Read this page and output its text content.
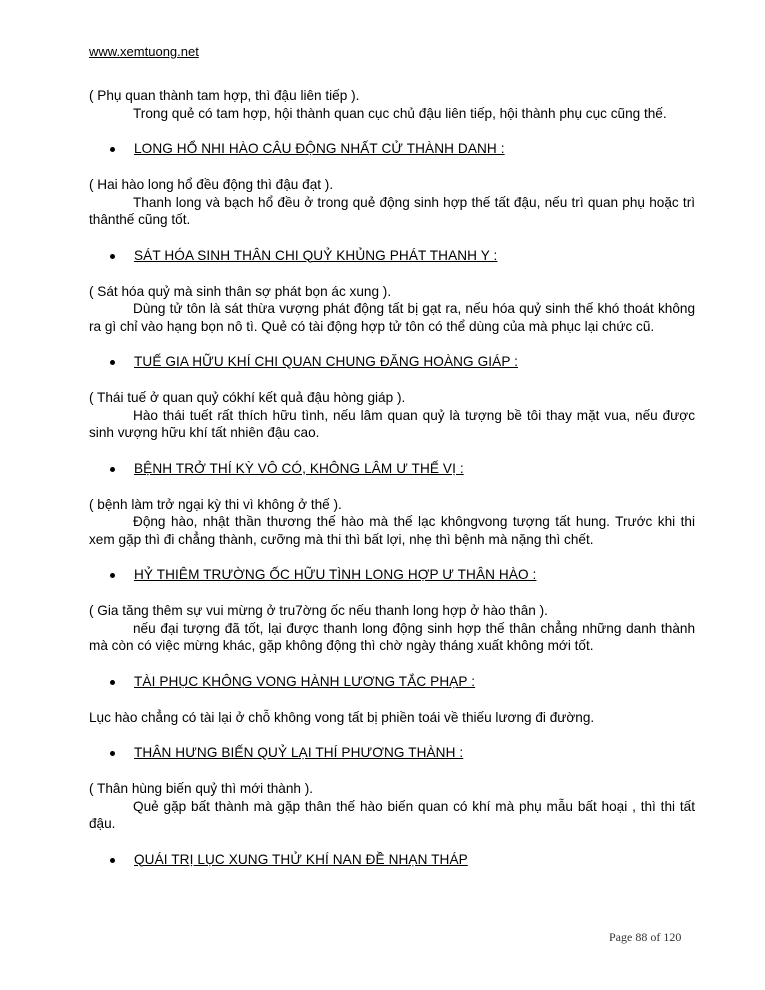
www.xemtuong.net

( Phụ quan thành tam hợp, thì đậu liên tiếp ).

Trong quẻ có tam hợp, hội thành quan cục chủ đậu liên tiếp, hội thành phụ cục cũng thế.

LONG HỔ NHI HÀO CÂU ĐỘNG NHẤT CỬ THÀNH DANH :

( Hai hào long hổ đều động thì đậu đạt ).

Thanh long và bạch hổ đều ở trong quẻ động sinh hợp thế tất đậu, nếu trì quan phụ hoặc trì thânthế cũng tốt.

SÁT HÓA SINH THÂN CHI QUỶ KHỦNG PHÁT THANH Y :

( Sát hóa quỷ mà sinh thân sợ phát bọn ác xung ).

Dùng tử tôn là sát thừa vượng phát động tất bị gạt ra, nếu hóa quỷ sinh thế khó thoát không ra gì chỉ vào hạng bọn nô tì. Quẻ có tài động hợp tử tôn có thể dùng của mà phục lại chức cũ.

TUẾ GIA HỮU KHÍ CHI QUAN CHUNG ĐĂNG HOÀNG GIÁP :

( Thái tuế ở quan quỷ cókhí kết quả đậu hòng giáp ).

Hào thái tuết rất thích hữu tình, nếu lâm quan quỷ là tượng bề tôi thay mặt vua, nếu được sinh vượng hữu khí tất nhiên đậu cao.

BỆNH TRỞ THÍ KỲ VÔ CÓ, KHÔNG LÂM Ư THẾ VỊ :

( bệnh làm trở ngại kỳ thi vì không ở thế ).

Động hào, nhật thần thương thế hào mà thế lạc khôngvong tượng tất hung. Trước khi thi xem gặp thì đi chẳng thành, cưỡng mà thi thì bất lợi, nhẹ thì bệnh mà nặng thì chết.

HỶ THIÊM TRƯỜNG ỐC HỮU TÌNH LONG HỢP Ư THÂN HÀO :

( Gia tăng thêm sự vui mừng ở tru7ờng ốc nếu thanh long hợp ở hào thân ).

nếu đại tượng đã tốt, lại được thanh long động sinh hợp thế thân chẳng những danh thành mà còn có việc mừng khác, gặp không động thì chờ ngày tháng xuất không mới tốt.

TÀI PHỤC KHÔNG VONG HÀNH LƯƠNG TẮC PHẠP :

Lục hào chẳng có tài lại ở chỗ không vong tất bị phiền toái về thiếu lương đi đường.

THÂN HƯNG BIẾN QUỶ LẠI THÍ PHƯƠNG THÀNH :

( Thân hùng biến quỷ thì mới thành ).

Quẻ gặp bất thành mà gặp thân thế hào biến quan có khí mà phụ mẫu bất hoại , thì thi tất đậu.

QUÁI TRỊ LỤC XUNG THỬ KHÍ NAN ĐỀ NHẠN THÁP
Page 88 of 120
